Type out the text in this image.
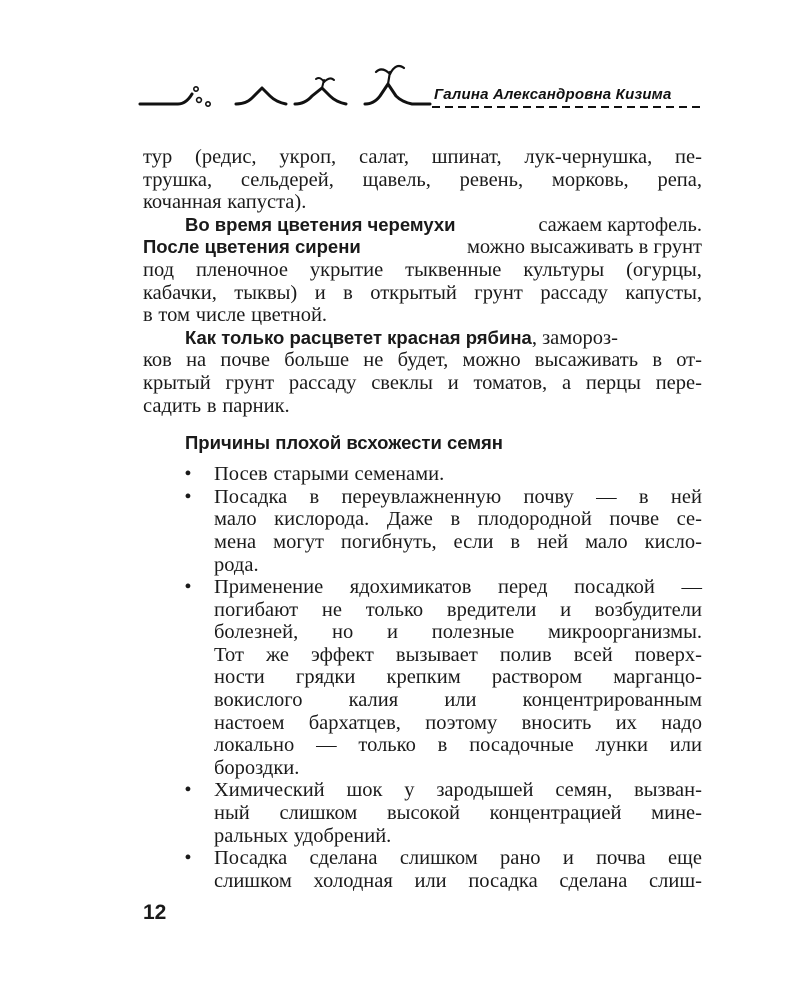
Галина Александровна Кизима
тур (редис, укроп, салат, шпинат, лук-чернушка, пе-
трушка, сельдерей, щавель, ревень, морковь, репа,
кочанная капуста).
Во время цветения черемухи	сажаем картофель.
После цветения сирени	можно высаживать в грунт
под пленочное укрытие тыквенные культуры (огурцы,
кабачки, тыквы) и в открытый грунт рассаду капусты,
в том числе цветной.
Как только расцветет красная рябина , замороз-
ков на почве больше не будет, можно высаживать в от-
крытый грунт рассаду свеклы и томатов, а перцы пере-
садить в парник.
Причины плохой всхожести семян
• Посев старыми семенами.
• Посадка в переувлажненную почву — в ней
мало кислорода. Даже в плодородной почве се-
мена могут погибнуть, если в ней мало кисло-
рода.
• Применение ядохимикатов перед посадкой —
погибают не только вредители и возбудители
болезней, но и полезные микроорганизмы.
Тот же эффект вызывает полив всей поверх-
ности грядки крепким раствором марганцо-
вокислого калия или концентрированным
настоем бархатцев, поэтому вносить их надо
локально — только в посадочные лунки или
бороздки.
• Химический шок у зародышей семян, вызван-
ный слишком высокой концентрацией мине-
ральных удобрений.
• Посадка сделана слишком рано и почва еще
слишком холодная или посадка сделана слиш-
12
